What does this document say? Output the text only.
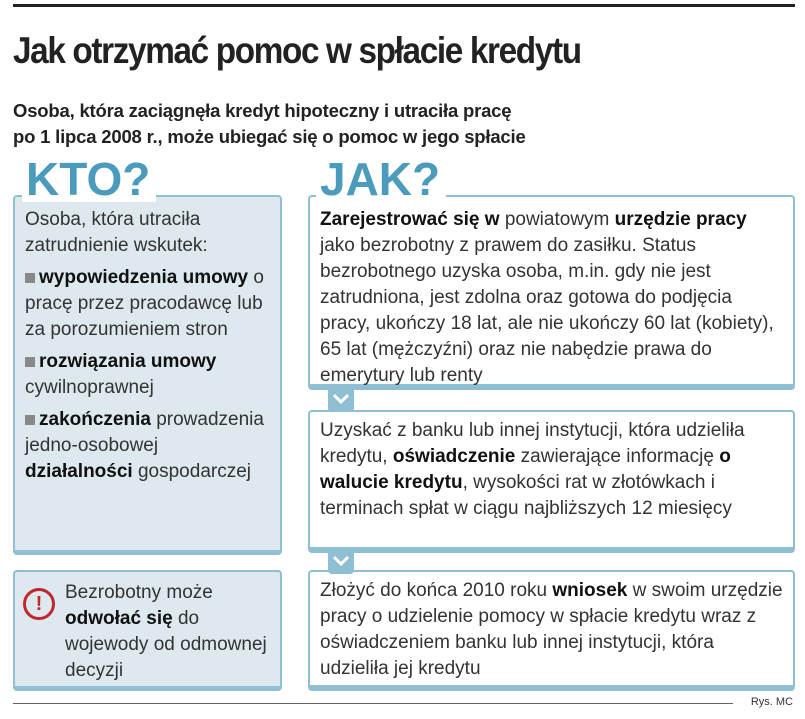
Jak otrzymać pomoc w spłacie kredytu
Osoba, która zaciągnęła kredyt hipoteczny i utraciła pracę
po 1 lipca 2008 r., może ubiegać się o pomoc w jego spłacie
KTO?
Osoba, która utraciła zatrudnienie wskutek:
wypowiedzenia umowy o pracę przez pracodawcę lub za porozumieniem stron
rozwiązania umowy cywilnoprawnej
zakończenia prowadzenia jedno-osobowej działalności gospodarczej
!
Bezrobotny może odwołać się do wojewody od odmownej decyzji
JAK?
Zarejestrować się w powiatowym urzędzie pracy jako bezrobotny z prawem do zasiłku. Status bezrobotnego uzyska osoba, m.in. gdy nie jest zatrudniona, jest zdolna oraz gotowa do podjęcia pracy, ukończy 18 lat, ale nie ukończy 60 lat (kobiety), 65 lat (mężczyźni) oraz nie nabędzie prawa do emerytury lub renty
Uzyskać z banku lub innej instytucji, która udzieliła kredytu, oświadczenie zawierające informację o walucie kredytu, wysokości rat w złotówkach i terminach spłat w ciągu najbliższych 12 miesięcy
Złożyć do końca 2010 roku wniosek w swoim urzędzie pracy o udzielenie pomocy w spłacie kredytu wraz z oświadczeniem banku lub innej instytucji, która udzieliła jej kredytu
Rys. MC
